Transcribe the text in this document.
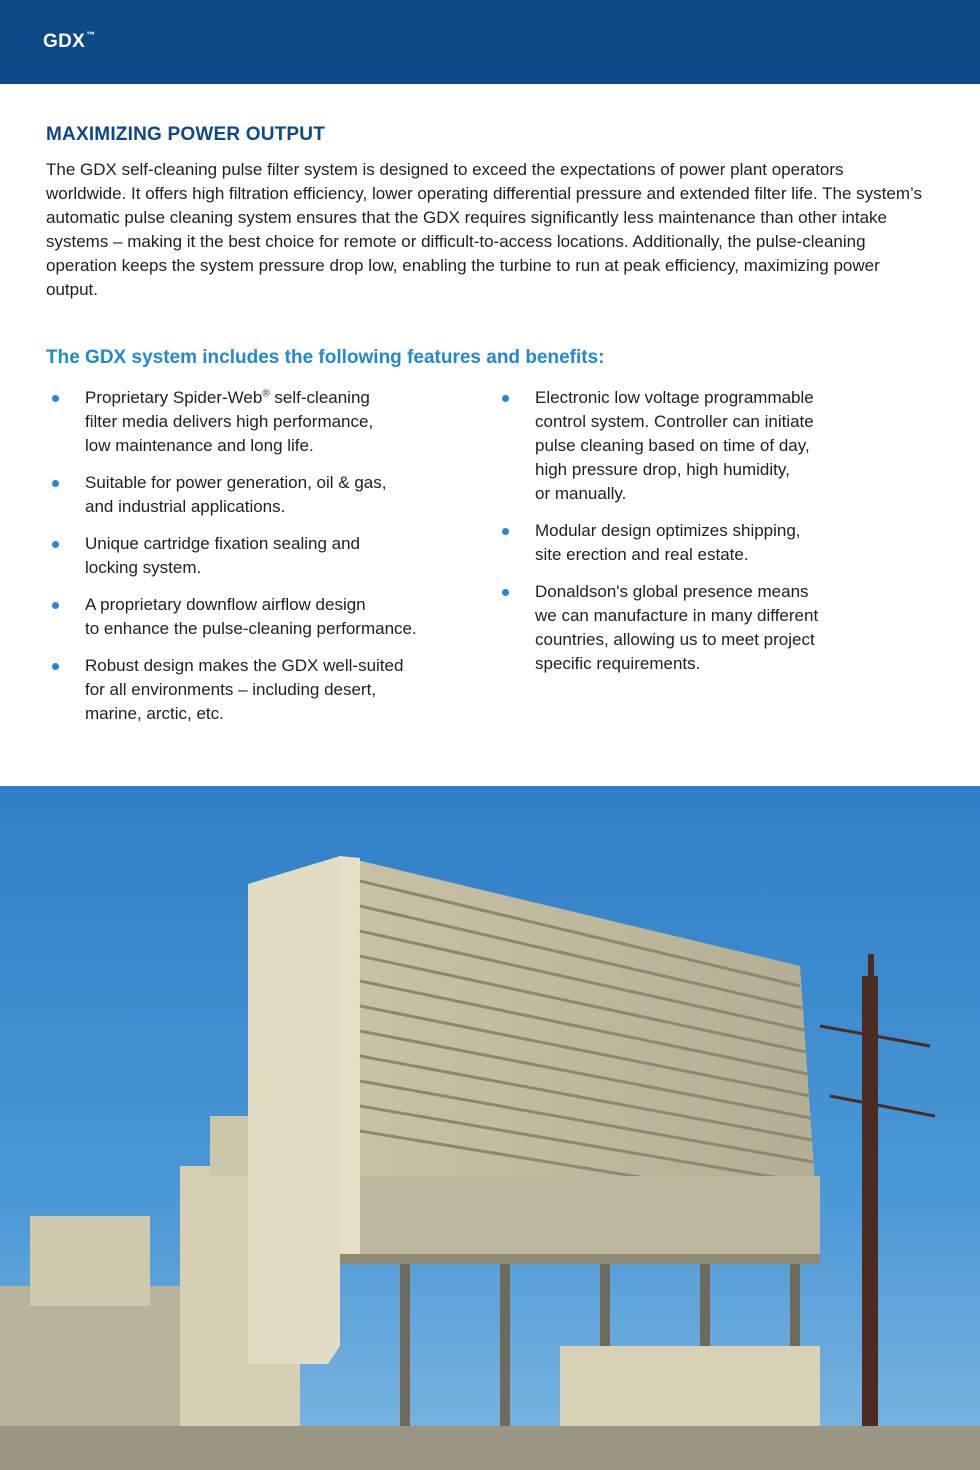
GDX™
MAXIMIZING POWER OUTPUT

The GDX self-cleaning pulse filter system is designed to exceed the expectations of power plant operators worldwide. It offers high filtration efficiency, lower operating differential pressure and extended filter life. The system’s automatic pulse cleaning system ensures that the GDX requires significantly less maintenance than other intake systems – making it the best choice for remote or difficult-to-access locations. Additionally, the pulse-cleaning operation keeps the system pressure drop low, enabling the turbine to run at peak efficiency, maximizing power output.

The GDX system includes the following features and benefits:
Proprietary Spider-Web® self-cleaning
filter media delivers high performance,
low maintenance and long life.
Suitable for power generation, oil & gas,
and industrial applications.
Unique cartridge fixation sealing and
locking system.
A proprietary downflow airflow design
to enhance the pulse-cleaning performance.
Robust design makes the GDX well-suited
for all environments – including desert,
marine, arctic, etc.
Electronic low voltage programmable
control system. Controller can initiate
pulse cleaning based on time of day,
high pressure drop, high humidity,
or manually.
Modular design optimizes shipping,
site erection and real estate.
Donaldson's global presence means
we can manufacture in many different
countries, allowing us to meet project
specific requirements.
